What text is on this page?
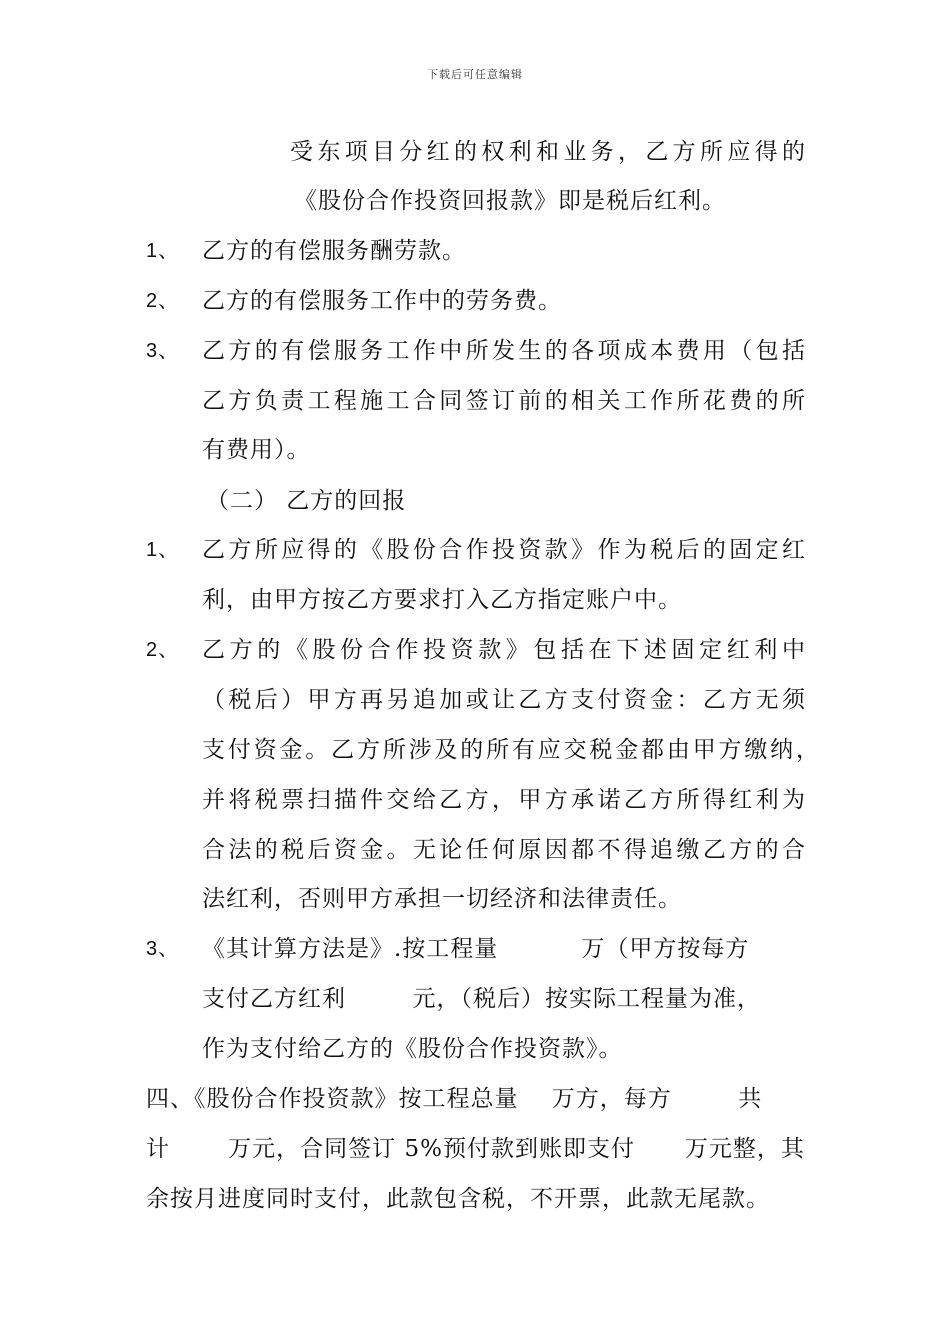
下载后可任意编辑
受东项目分红的权利和业务，乙方所应得的
《股份合作投资回报款》即是税后红利。
1、 乙方的有偿服务酬劳款。
2、 乙方的有偿服务工作中的劳务费。
3、 乙方的有偿服务工作中所发生的各项成本费用（包括
乙方负责工程施工合同签订前的相关工作所花费的所
有费用）。
（二） 乙方的回报
1、 乙方所应得的《股份合作投资款》作为税后的固定红
利，由甲方按乙方要求打入乙方指定账户中。
2、 乙方的《股份合作投资款》包括在下述固定红利中
（税后）甲方再另追加或让乙方支付资金：乙方无须
支付资金。乙方所涉及的所有应交税金都由甲方缴纳，
并将税票扫描件交给乙方，甲方承诺乙方所得红利为
合法的税后资金。无论任何原因都不得追缴乙方的合
法红利，否则甲方承担一切经济和法律责任。
3、 《其计算方法是》.按工程量          万（甲方按每方
支付乙方红利        元，（税后）按实际工程量为准，
作为支付给乙方的《股份合作投资款》。
四、《股份合作投资款》按工程总量    万方，每方        共
计       万元，合同签订 5%预付款到账即支付      万元整，其
余按月进度同时支付，此款包含税，不开票，此款无尾款。
